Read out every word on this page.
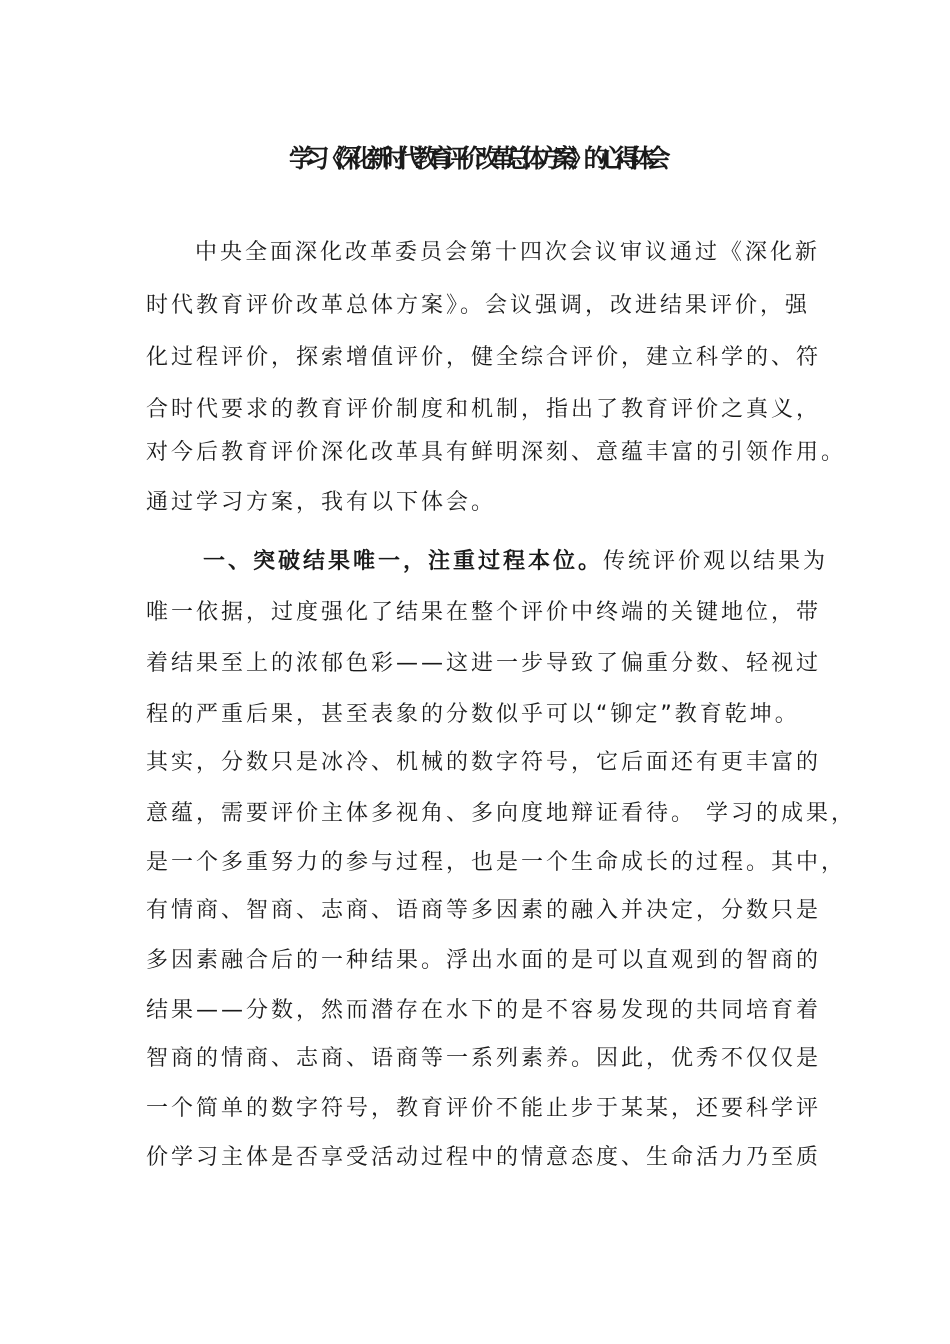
学习《深化新时代教育评价改革总体方案》的心得体会
中央全面深化改革委员会第十四次会议审议通过《深化新
时代教育评价改革总体方案》。会议强调，改进结果评价，强
化过程评价，探索增值评价，健全综合评价，建立科学的、符
合时代要求的教育评价制度和机制，指出了教育评价之真义，
对今后教育评价深化改革具有鲜明深刻、意蕴丰富的引领作用。
通过学习方案，我有以下体会。
一、突破结果唯一，注重过程本位。传统评价观以结果为
唯一依据，过度强化了结果在整个评价中终端的关键地位，带
着结果至上的浓郁色彩——这进一步导致了偏重分数、轻视过
程的严重后果，甚至表象的分数似乎可以“铆定”教育乾坤。
其实，分数只是冰冷、机械的数字符号，它后面还有更丰富的
意蕴，需要评价主体多视角、多向度地辩证看待。 学习的成果，
是一个多重努力的参与过程，也是一个生命成长的过程。其中，
有情商、智商、志商、语商等多因素的融入并决定，分数只是
多因素融合后的一种结果。浮出水面的是可以直观到的智商的
结果——分数，然而潜存在水下的是不容易发现的共同培育着
智商的情商、志商、语商等一系列素养。因此，优秀不仅仅是
一个简单的数字符号，教育评价不能止步于某某，还要科学评
价学习主体是否享受活动过程中的情意态度、生命活力乃至质
